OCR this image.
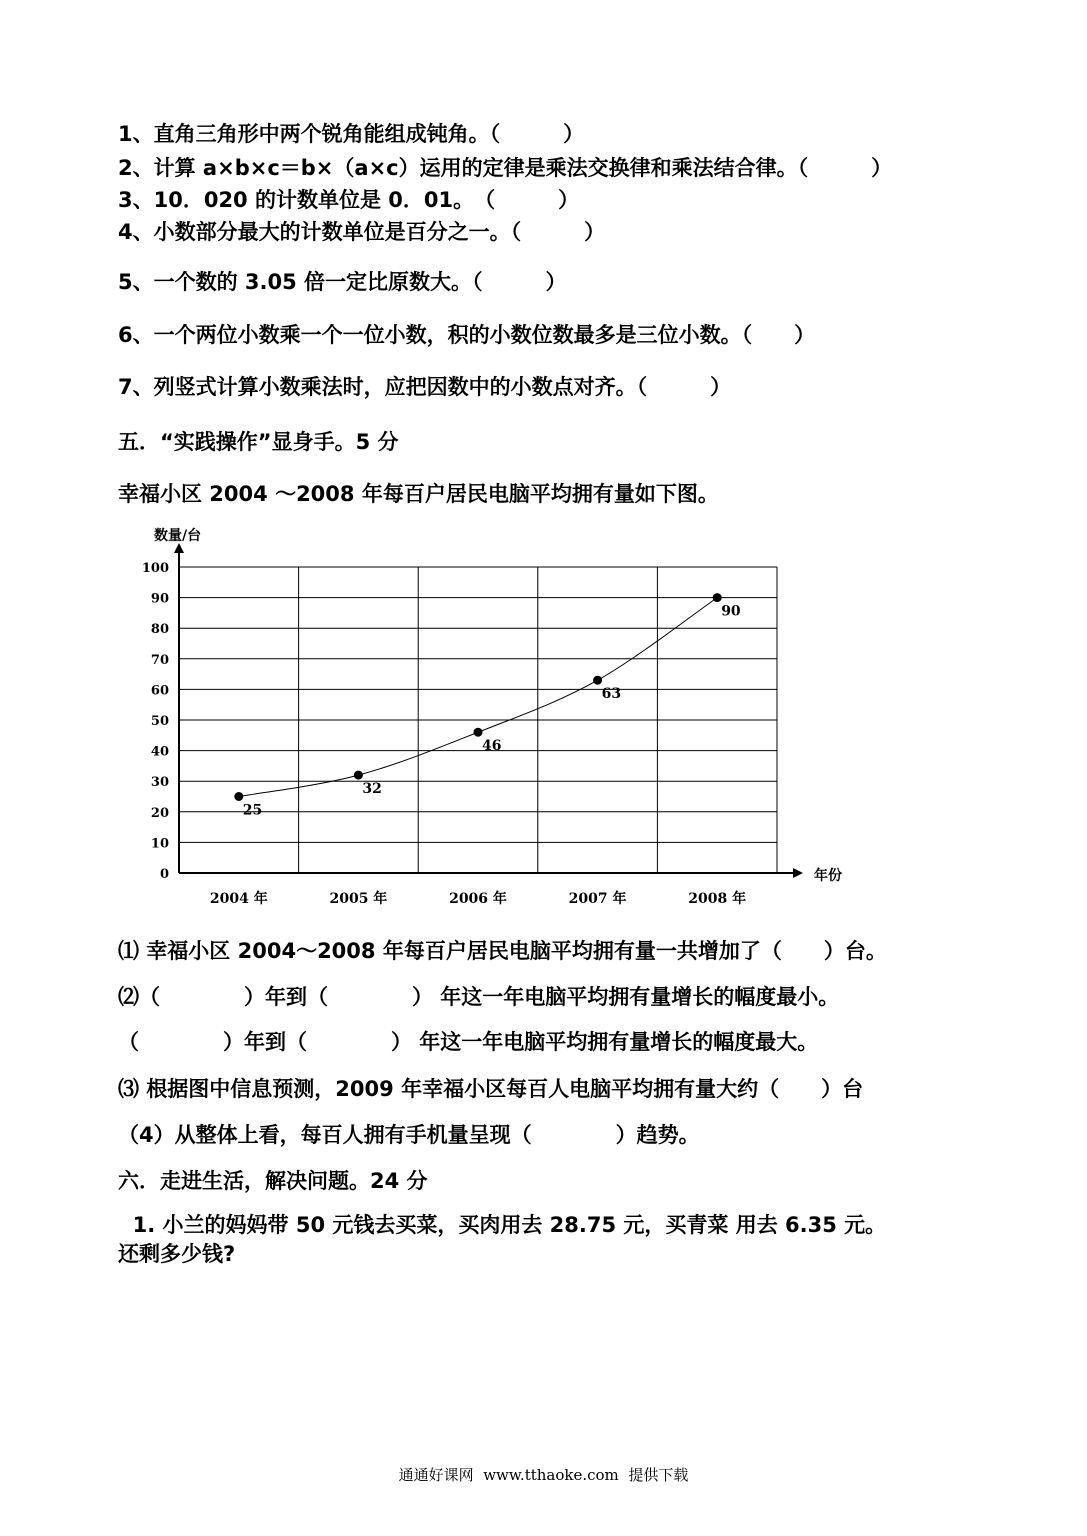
1、直角三角形中两个锐角能组成钝角。（　　　）
2、计算 a×b×c＝b×（a×c）运用的定律是乘法交换律和乘法结合律。（　　　）
3、10．020 的计数单位是 0．01。　（　　　）
4、小数部分最大的计数单位是百分之一。（　　　）
5、一个数的 3.05 倍一定比原数大。（　　　）
6、一个两位小数乘一个一位小数，积的小数位数最多是三位小数。（　　）
7、列竖式计算小数乘法时，应把因数中的小数点对齐。（　　　）
五．“实践操作”显身手。5 分
幸福小区 2004 ～2008 年每百户居民电脑平均拥有量如下图。
0
10
20
30
40
50
60
70
80
90
100
2004 年	2005 年	2006 年	2007 年	2008 年
25
32
46
63
90
数量/台
年份
⑴ 幸福小区 2004～2008 年每百户居民电脑平均拥有量一共增加了（　　）台。
⑵（　　　　）年到（　　　　） 年这一年电脑平均拥有量增长的幅度最小。
（　　　　）年到（　　　　） 年这一年电脑平均拥有量增长的幅度最大。
⑶ 根据图中信息预测，2009 年幸福小区每百人电脑平均拥有量大约（　　）台
（4）从整体上看，每百人拥有手机量呈现（　　　　）趋势。
六．走进生活，解决问题。24 分
1. 小兰的妈妈带 50 元钱去买菜，买肉用去 28.75 元，买青菜 用去 6.35 元。
还剩多少钱?
通通好课网  www.tthaoke.com  提供下载
